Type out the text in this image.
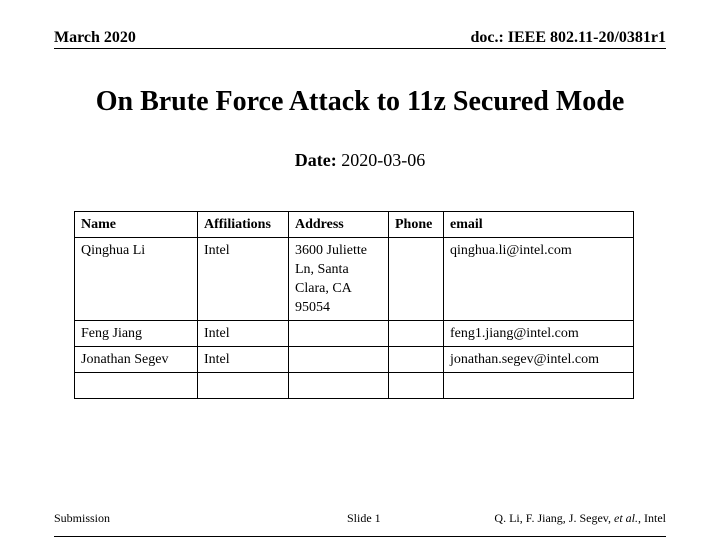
March 2020	doc.: IEEE 802.11-20/0381r1
On Brute Force Attack to 11z Secured Mode
Date: 2020-03-06
Name	Affiliations	Address	Phone	email
Qinghua Li	Intel	3600 Juliette Ln, Santa Clara, CA 95054		qinghua.li@intel.com
Feng Jiang	Intel			feng1.jiang@intel.com
Jonathan Segev	Intel			jonathan.segev@intel.com

Submission	Slide 1	Q. Li, F. Jiang, J. Segev, et al., Intel
